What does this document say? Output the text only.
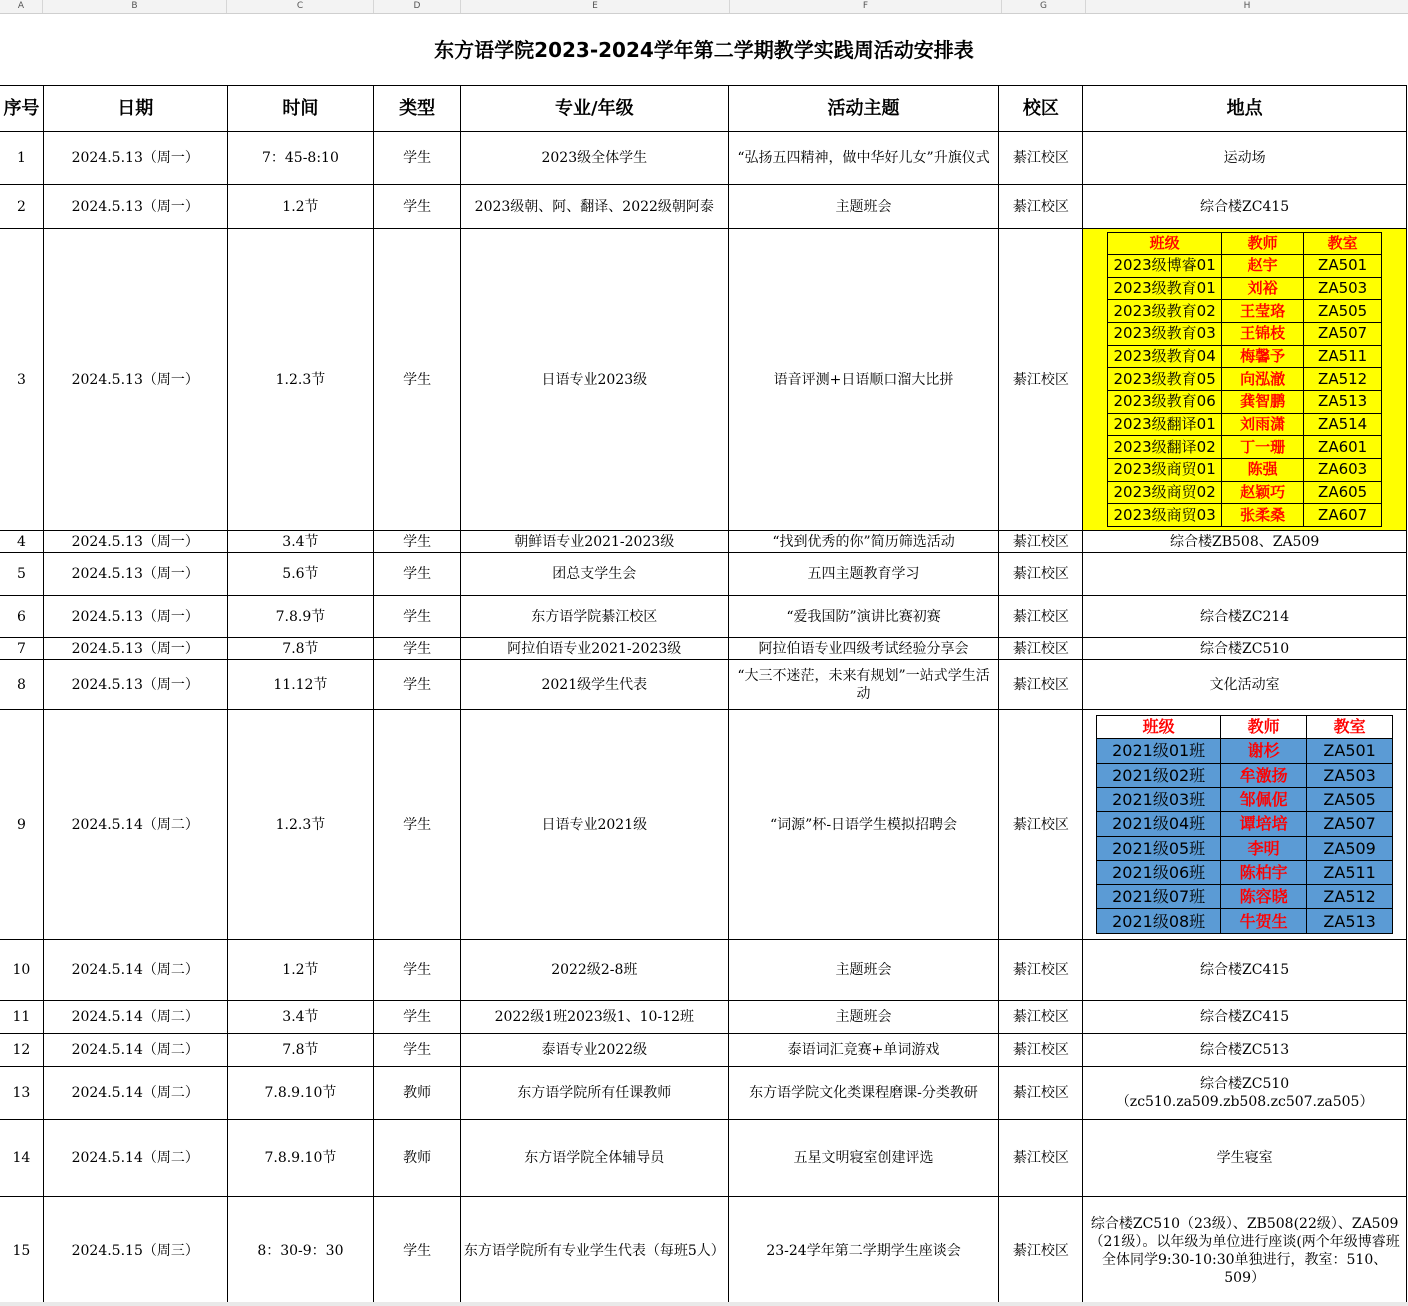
A	B	C	D	E	F	G	H
东方语学院2023-2024学年第二学期教学实践周活动安排表
序号	日期	时间	类型	专业/年级	活动主题	校区	地点
1	2024.5.13（周一）	7：45-8:10	学生	2023级全体学生	“弘扬五四精神，做中华好儿女”升旗仪式	綦江校区	运动场
2	2024.5.13（周一）	1.2节	学生	2023级朝、阿、翻译、2022级朝阿泰	主题班会	綦江校区	综合楼ZC415
3	2024.5.13（周一）	1.2.3节	学生	日语专业2023级	语音评测+日语顺口溜大比拼	綦江校区	
班级	教师	教室
2023级博睿01	赵宇	ZA501
2023级教育01	刘裕	ZA503
2023级教育02	王莹珞	ZA505
2023级教育03	王锦枝	ZA507
2023级教育04	梅馨予	ZA511
2023级教育05	向泓澈	ZA512
2023级教育06	龚智鹏	ZA513
2023级翻译01	刘雨潇	ZA514
2023级翻译02	丁一珊	ZA601
2023级商贸01	陈强	ZA603
2023级商贸02	赵颖巧	ZA605
2023级商贸03	张柔桑	ZA607

4	2024.5.13（周一）	3.4节	学生	朝鲜语专业2021-2023级	“找到优秀的你”简历筛选活动	綦江校区	综合楼ZB508、ZA509
5	2024.5.13（周一）	5.6节	学生	团总支学生会	五四主题教育学习	綦江校区	
6	2024.5.13（周一）	7.8.9节	学生	东方语学院綦江校区	“爱我国防”演讲比赛初赛	綦江校区	综合楼ZC214
7	2024.5.13（周一）	7.8节	学生	阿拉伯语专业2021-2023级	阿拉伯语专业四级考试经验分享会	綦江校区	综合楼ZC510
8	2024.5.13（周一）	11.12节	学生	2021级学生代表	“大三不迷茫，未来有规划”一站式学生活动	綦江校区	文化活动室
9	2024.5.14（周二）	1.2.3节	学生	日语专业2021级	“词源”杯-日语学生模拟招聘会	綦江校区	
班级	教师	教室
2021级01班	谢杉	ZA501
2021级02班	牟激扬	ZA503
2021级03班	邹佩伲	ZA505
2021级04班	谭培培	ZA507
2021级05班	李明	ZA509
2021级06班	陈柏宇	ZA511
2021级07班	陈容晓	ZA512
2021级08班	牛贺生	ZA513

10	2024.5.14（周二）	1.2节	学生	2022级2-8班	主题班会	綦江校区	综合楼ZC415
11	2024.5.14（周二）	3.4节	学生	2022级1班2023级1、10-12班	主题班会	綦江校区	综合楼ZC415
12	2024.5.14（周二）	7.8节	学生	泰语专业2022级	泰语词汇竞赛+单词游戏	綦江校区	综合楼ZC513
13	2024.5.14（周二）	7.8.9.10节	教师	东方语学院所有任课教师	东方语学院文化类课程磨课-分类教研	綦江校区	综合楼ZC510（zc510.za509.zb508.zc507.za505）
14	2024.5.14（周二）	7.8.9.10节	教师	东方语学院全体辅导员	五星文明寝室创建评选	綦江校区	学生寝室
15	2024.5.15（周三）	8：30-9：30	学生	东方语学院所有专业学生代表（每班5人）	23-24学年第二学期学生座谈会	綦江校区	综合楼ZC510（23级）、ZB508(22级）、ZA509（21级）。以年级为单位进行座谈(两个年级博睿班全体同学9:30-10:30单独进行，教室：510、509）
